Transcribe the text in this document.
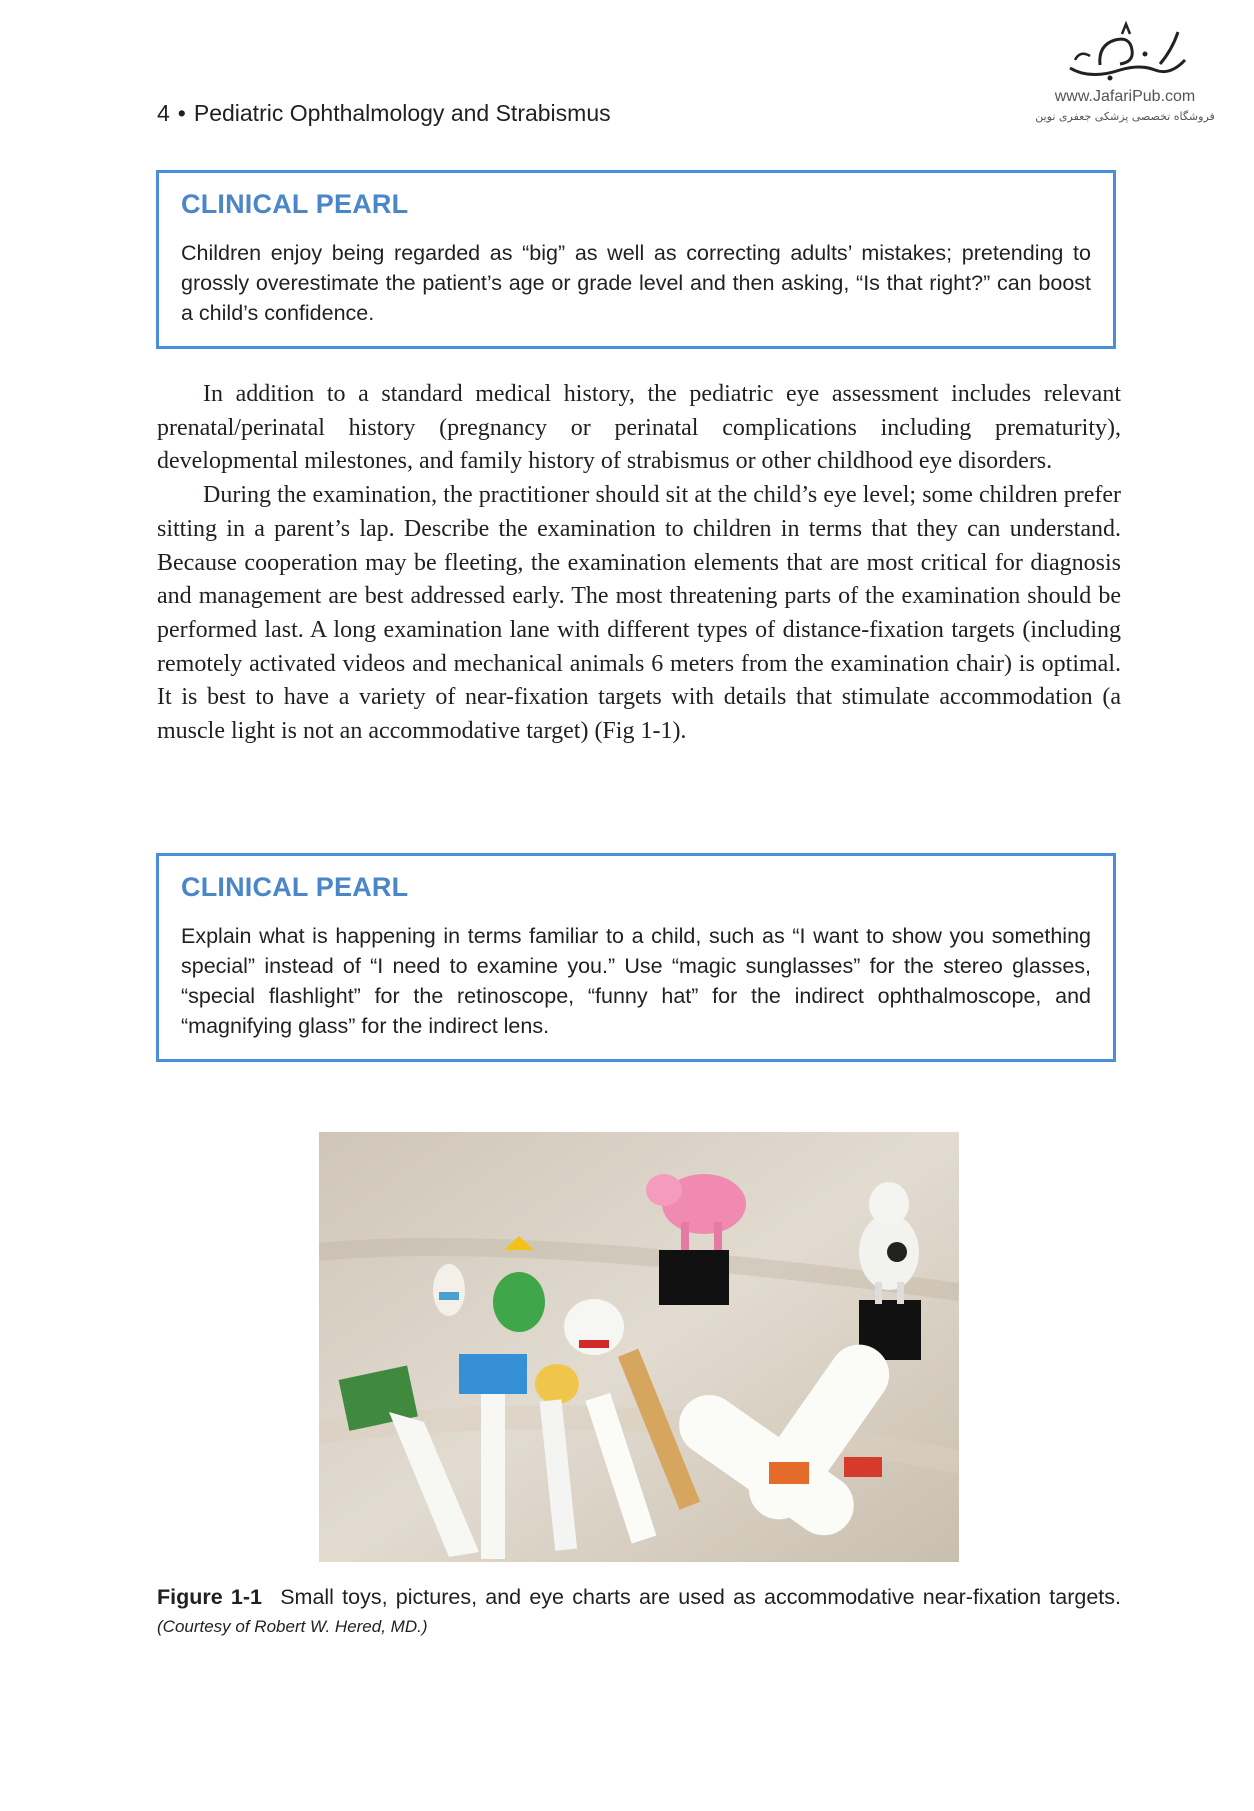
4 • Pediatric Ophthalmology and Strabismus
www.JafariPub.com
فروشگاه تخصصی پزشکی جعفری نوین
CLINICAL PEARL

Children enjoy being regarded as “big” as well as correcting adults’ mistakes; pretending to grossly overestimate the patient’s age or grade level and then asking, “Is that right?” can boost a child’s confidence.

In addition to a standard medical history, the pediatric eye assessment includes relevant prenatal/perinatal history (pregnancy or perinatal complications including prematurity), developmental milestones, and family history of strabismus or other childhood eye disorders.

During the examination, the practitioner should sit at the child’s eye level; some children prefer sitting in a parent’s lap. Describe the examination to children in terms that they can understand. Because cooperation may be fleeting, the examination elements that are most critical for diagnosis and management are best addressed early. The most threatening parts of the examination should be performed last. A long examination lane with different types of distance-fixation targets (including remotely activated videos and mechanical animals 6 meters from the examination chair) is optimal. It is best to have a variety of near-fixation targets with details that stimulate accommodation (a muscle light is not an accommodative target) (Fig 1-1).

CLINICAL PEARL

Explain what is happening in terms familiar to a child, such as “I want to show you something special” instead of “I need to examine you.” Use “magic sunglasses” for the stereo glasses, “special flashlight” for the retinoscope, “funny hat” for the indirect ophthalmoscope, and “magnifying glass” for the indirect lens.

Figure 1-1 Small toys, pictures, and eye charts are used as accommodative near-fixation targets. (Courtesy of Robert W. Hered, MD.)
